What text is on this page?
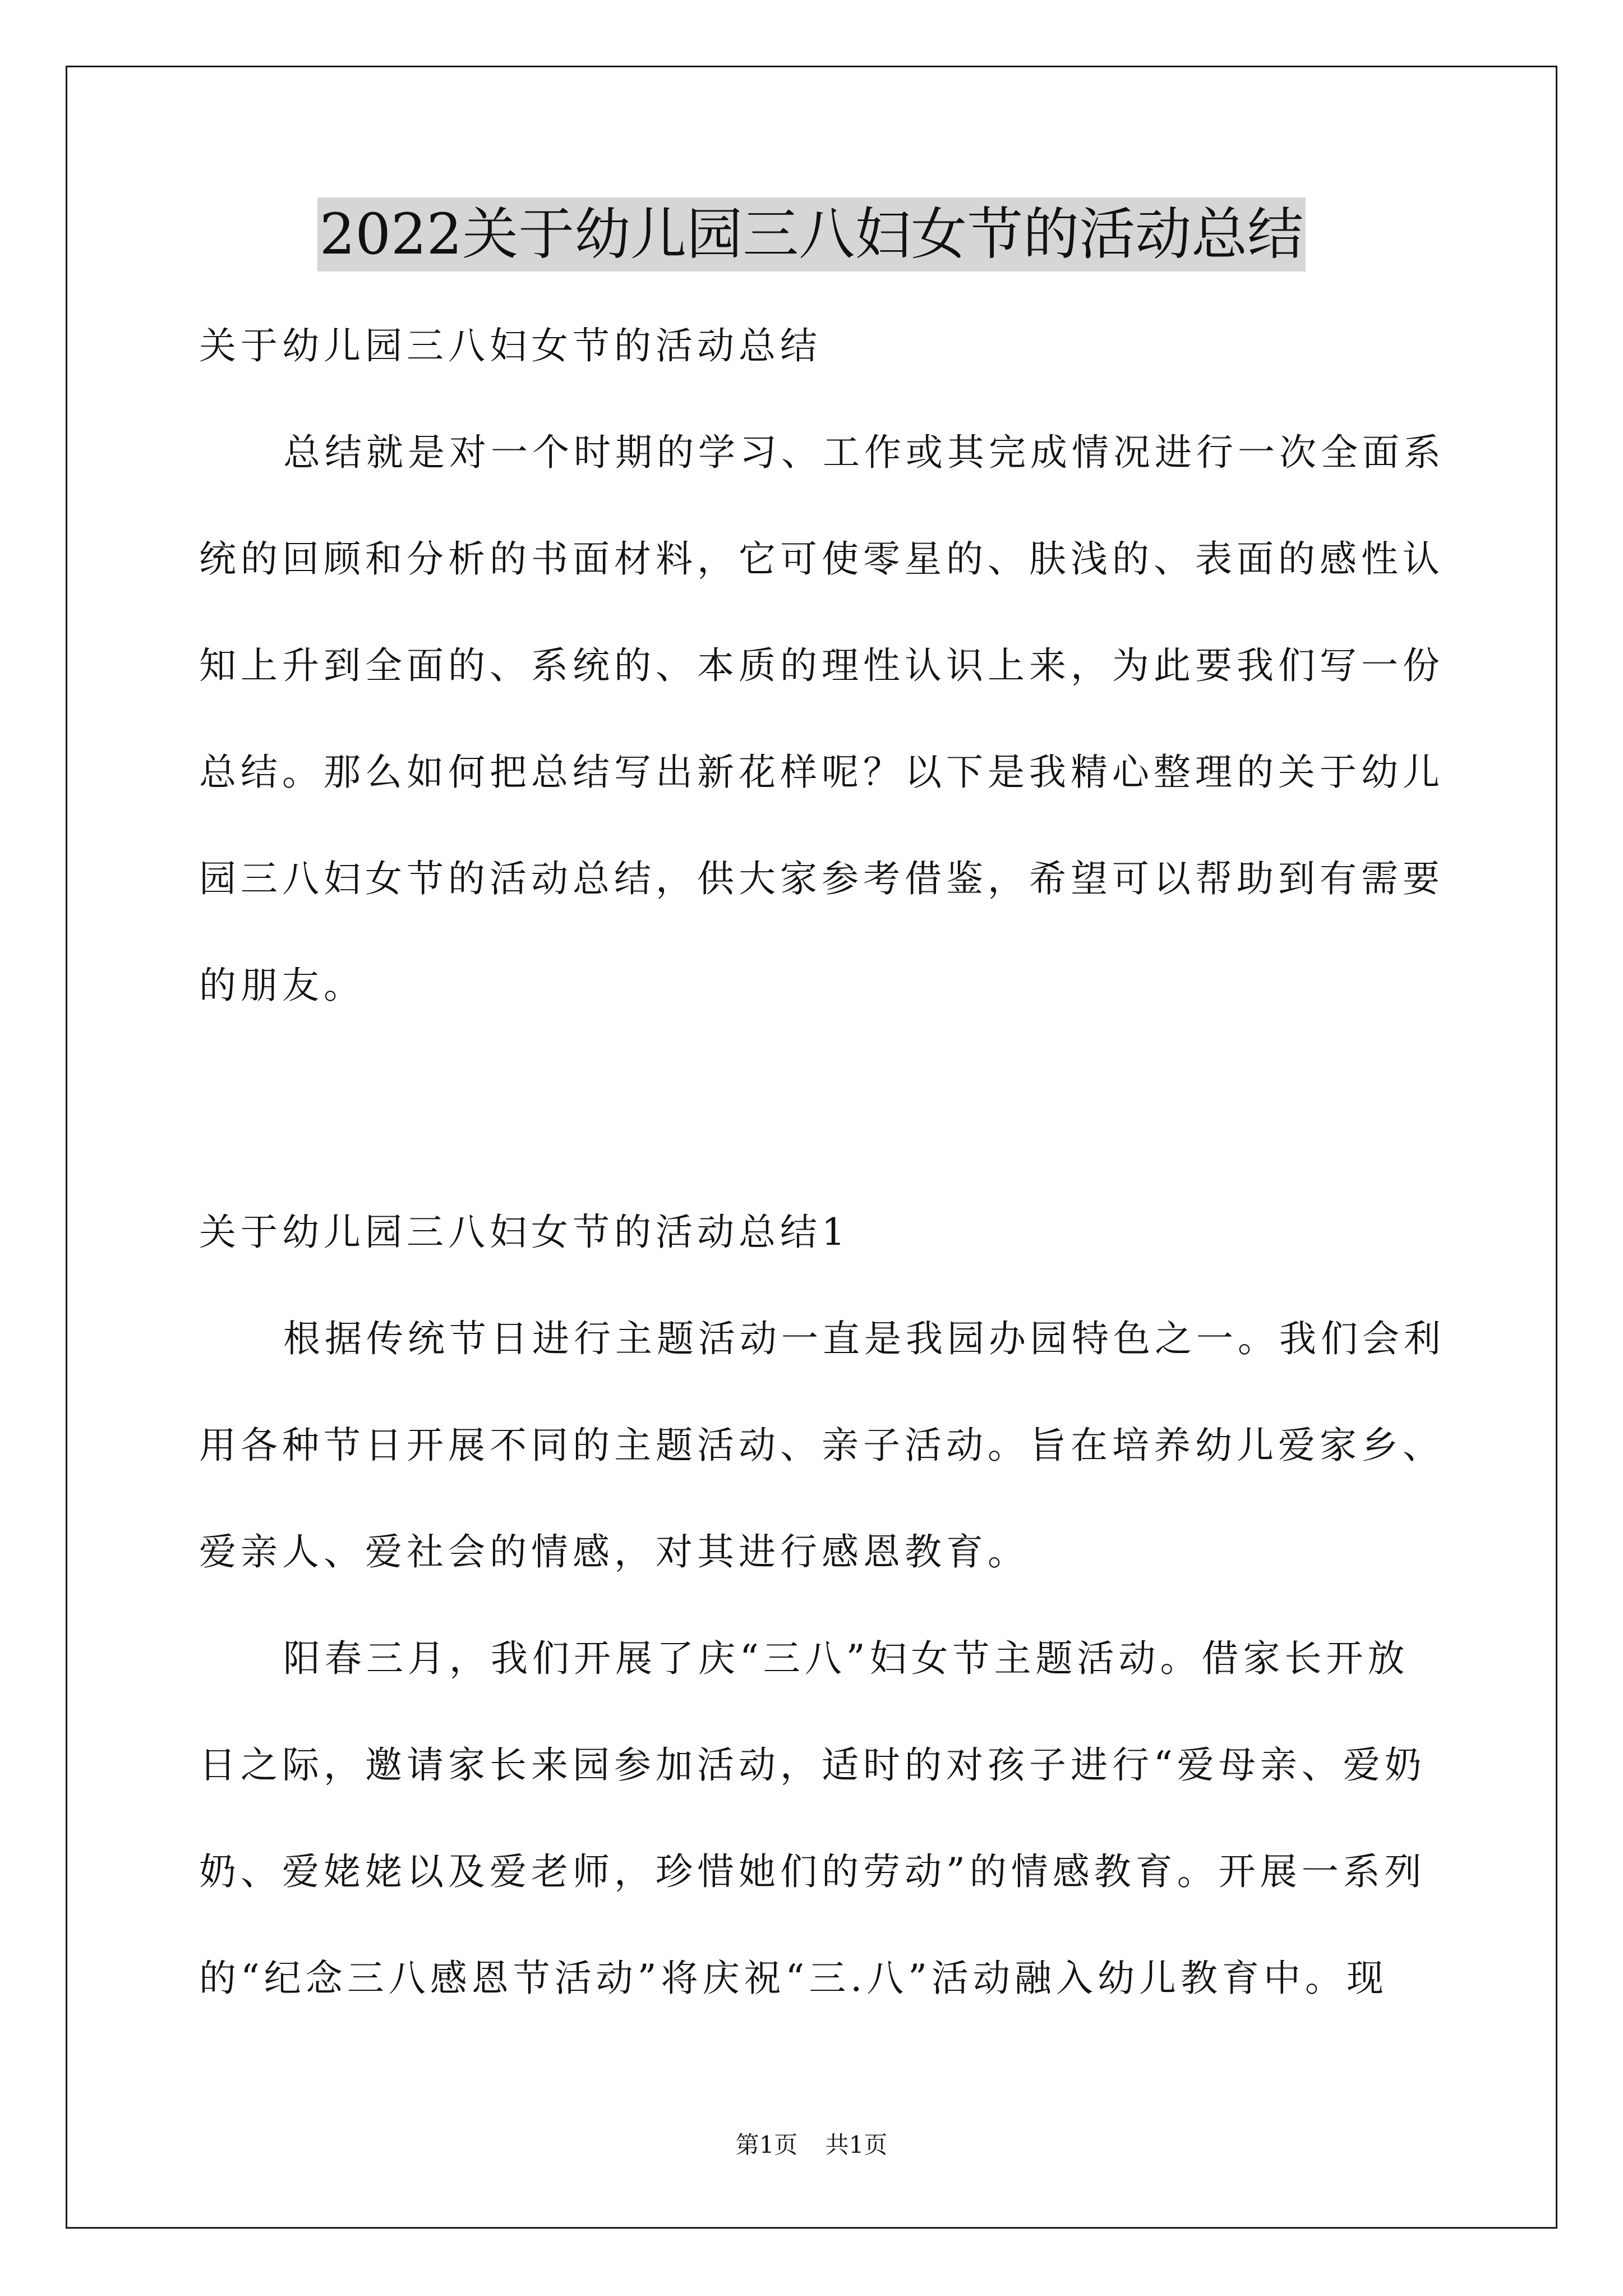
2022关于幼儿园三八妇女节的活动总结
关于幼儿园三八妇女节的活动总结
总结就是对一个时期的学习、工作或其完成情况进行一次全面系
统的回顾和分析的书面材料，它可使零星的、肤浅的、表面的感性认
知上升到全面的、系统的、本质的理性认识上来，为此要我们写一份
总结。那么如何把总结写出新花样呢？以下是我精心整理的关于幼儿
园三八妇女节的活动总结，供大家参考借鉴，希望可以帮助到有需要
的朋友。
关于幼儿园三八妇女节的活动总结1
根据传统节日进行主题活动一直是我园办园特色之一。我们会利
用各种节日开展不同的主题活动、亲子活动。旨在培养幼儿爱家乡、
爱亲人、爱社会的情感，对其进行感恩教育。
阳春三月，我们开展了庆“三八”妇女节主题活动。借家长开放
日之际，邀请家长来园参加活动，适时的对孩子进行“爱母亲、爱奶
奶、爱姥姥以及爱老师，珍惜她们的劳动”的情感教育。开展一系列
的“纪念三八感恩节活动”将庆祝“三.八”活动融入幼儿教育中。现
第1页 共1页
